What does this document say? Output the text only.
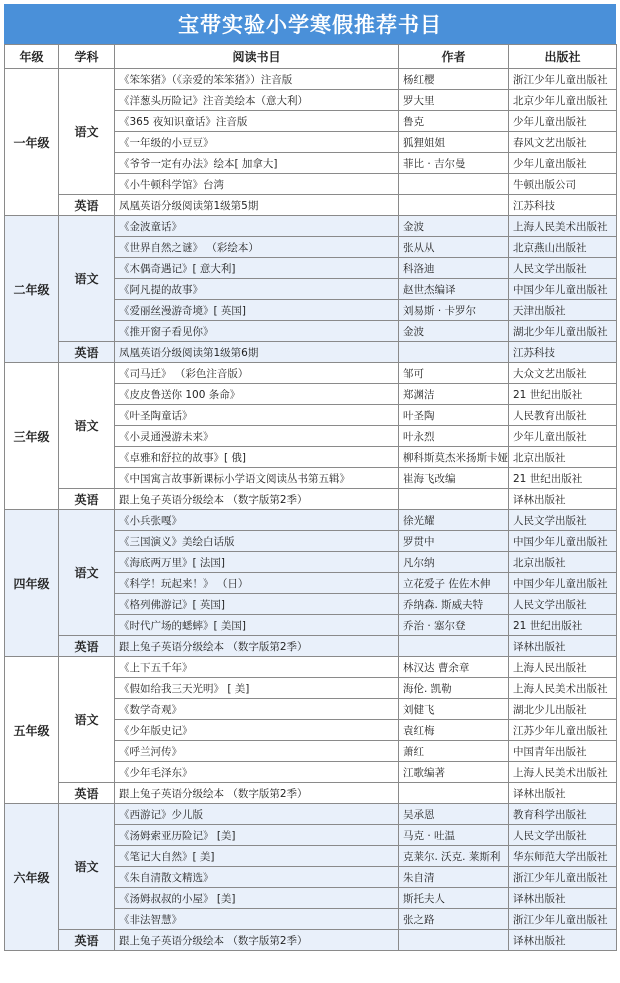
宝带实验小学寒假推荐书目
年级	学科	阅读书目	作者	出版社
一年级	语文	《笨笨猪》（《亲爱的笨笨猪》）注音版	杨红樱	浙江少年儿童出版社
		《洋葱头历险记》注音美绘本（意大利）	罗大里	北京少年儿童出版社
		《365 夜知识童话》注音版	鲁克	少年儿童出版社
		《一年级的小豆豆》	狐狸姐姐	春风文艺出版社
		《爷爷一定有办法》绘本[ 加拿大]	菲比 · 吉尔曼	少年儿童出版社
		《小牛顿科学馆》台湾		牛顿出版公司
	英语	凤凰英语分级阅读第1级第5期		江苏科技
二年级	语文	《金波童话》	金波	上海人民美术出版社
		《世界自然之谜》 （彩绘本）	张从从	北京燕山出版社
		《木偶奇遇记》[ 意大利]	科洛迪	人民文学出版社
		《阿凡提的故事》	赵世杰编译	中国少年儿童出版社
		《爱丽丝漫游奇境》[ 英国]	刘易斯 · 卡罗尔	天津出版社
		《推开窗子看见你》	金波	湖北少年儿童出版社
	英语	凤凰英语分级阅读第1级第6期		江苏科技
三年级	语文	《司马迁》 （彩色注音版）	邹可	大众文艺出版社
		《皮皮鲁送你 100 条命》	郑渊洁	21 世纪出版社
		《叶圣陶童话》	叶圣陶	人民教育出版社
		《小灵通漫游未来》	叶永烈	少年儿童出版社
		《卓雅和舒拉的故事》[ 俄]	柳科斯莫杰米扬斯卡娅	北京出版社
		《中国寓言故事新课标小学语文阅读丛书第五辑》	崔海飞改编	21 世纪出版社
	英语	跟上兔子英语分级绘本 （数字版第2季）		译林出版社
四年级	语文	《小兵张嘎》	徐光耀	人民文学出版社
		《三国演义》美绘白话版	罗贯中	中国少年儿童出版社
		《海底两万里》[ 法国]	凡尔纳	北京出版社
		《科学！玩起来！》 （日）	立花爱子 佐佐木伸	中国少年儿童出版社
		《格列佛游记》[ 英国]	乔纳森. 斯威夫特	人民文学出版社
		《时代广场的蟋蟀》[ 美国]	乔治 · 塞尔登	21 世纪出版社
	英语	跟上兔子英语分级绘本 （数字版第2季）		译林出版社
五年级	语文	《上下五千年》	林汉达 曹余章	上海人民出版社
		《假如给我三天光明》 [ 美]	海伦. 凯勒	上海人民美术出版社
		《数学奇观》	刘健飞	湖北少儿出版社
		《少年版史记》	袁红梅	江苏少年儿童出版社
		《呼兰河传》	萧红	中国青年出版社
		《少年毛泽东》	江歌编著	上海人民美术出版社
	英语	跟上兔子英语分级绘本 （数字版第2季）		译林出版社
六年级	语文	《西游记》少儿版	吴承恩	教育科学出版社
		《汤姆索亚历险记》 [美]	马克 · 吐温	人民文学出版社
		《笔记大自然》[ 美]	克莱尔. 沃克. 莱斯利	华东师范大学出版社
		《朱自清散文精选》	朱自清	浙江少年儿童出版社
		《汤姆叔叔的小屋》 [美]	斯托夫人	译林出版社
		《非法智慧》	张之路	浙江少年儿童出版社
	英语	跟上兔子英语分级绘本 （数字版第2季）		译林出版社
